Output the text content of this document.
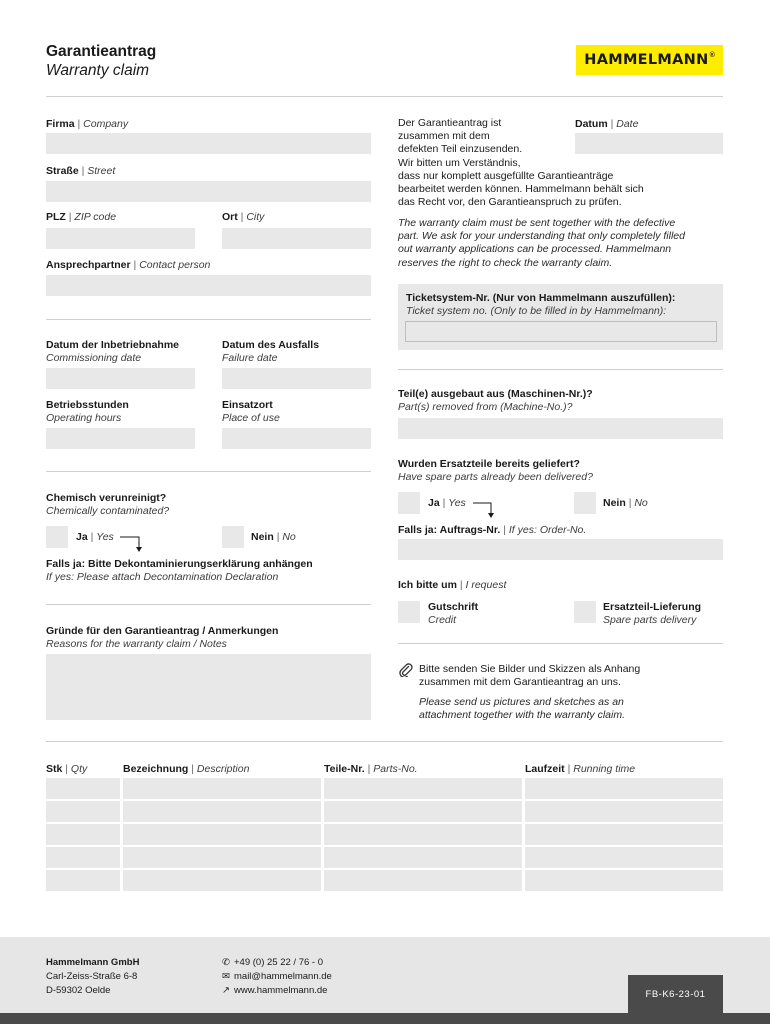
Garantieantrag
Warranty claim
HAMMELMANN ®
Firma | Company
Straße | Street
PLZ | ZIP code	Ort | City
Ansprechpartner | Contact person
Datum der Inbetriebnahme
Commissioning date
Datum des Ausfalls
Failure date
Betriebsstunden
Operating hours
Einsatzort
Place of use
Chemisch verunreinigt?
Chemically contaminated?
Ja | Yes	Nein | No
Falls ja: Bitte Dekontaminierungserklärung anhängen
If yes: Please attach Decontamination Declaration
Gründe für den Garantieantrag / Anmerkungen
Reasons for the warranty claim / Notes
Der Garantieantrag ist
zusammen mit dem
defekten Teil einzusenden.
Wir bitten um Verständnis,
dass nur komplett ausgefüllte Garantieanträge
bearbeitet werden können. Hammelmann behält sich
das Recht vor, den Garantieanspruch zu prüfen.
Datum | Date
The warranty claim must be sent together with the defective
part. We ask for your understanding that only completely filled
out warranty applications can be processed. Hammelmann
reserves the right to check the warranty claim.
Ticketsystem-Nr. (Nur von Hammelmann auszufüllen):
Ticket system no. (Only to be filled in by Hammelmann):
Teil(e) ausgebaut aus (Maschinen-Nr.)?
Part(s) removed from (Machine-No.)?
Wurden Ersatzteile bereits geliefert?
Have spare parts already been delivered?
Ja | Yes	Nein | No
Falls ja: Auftrags-Nr. | If yes: Order-No.
Ich bitte um | I request
Gutschrift
Credit
Ersatzteil-Lieferung
Spare parts delivery
Bitte senden Sie Bilder und Skizzen als Anhang
zusammen mit dem Garantieantrag an uns.
Please send us pictures and sketches as an
attachment together with the warranty claim.
Stk | Qty	Bezeichnung | Description	Teile-Nr. | Parts-No.	Laufzeit | Running time
Hammelmann GmbH
Carl-Zeiss-Straße 6-8
D-59302 Oelde
✆ +49 (0) 25 22 / 76 - 0
✉ mail@hammelmann.de
↗ www.hammelmann.de	FB-K6-23-01
